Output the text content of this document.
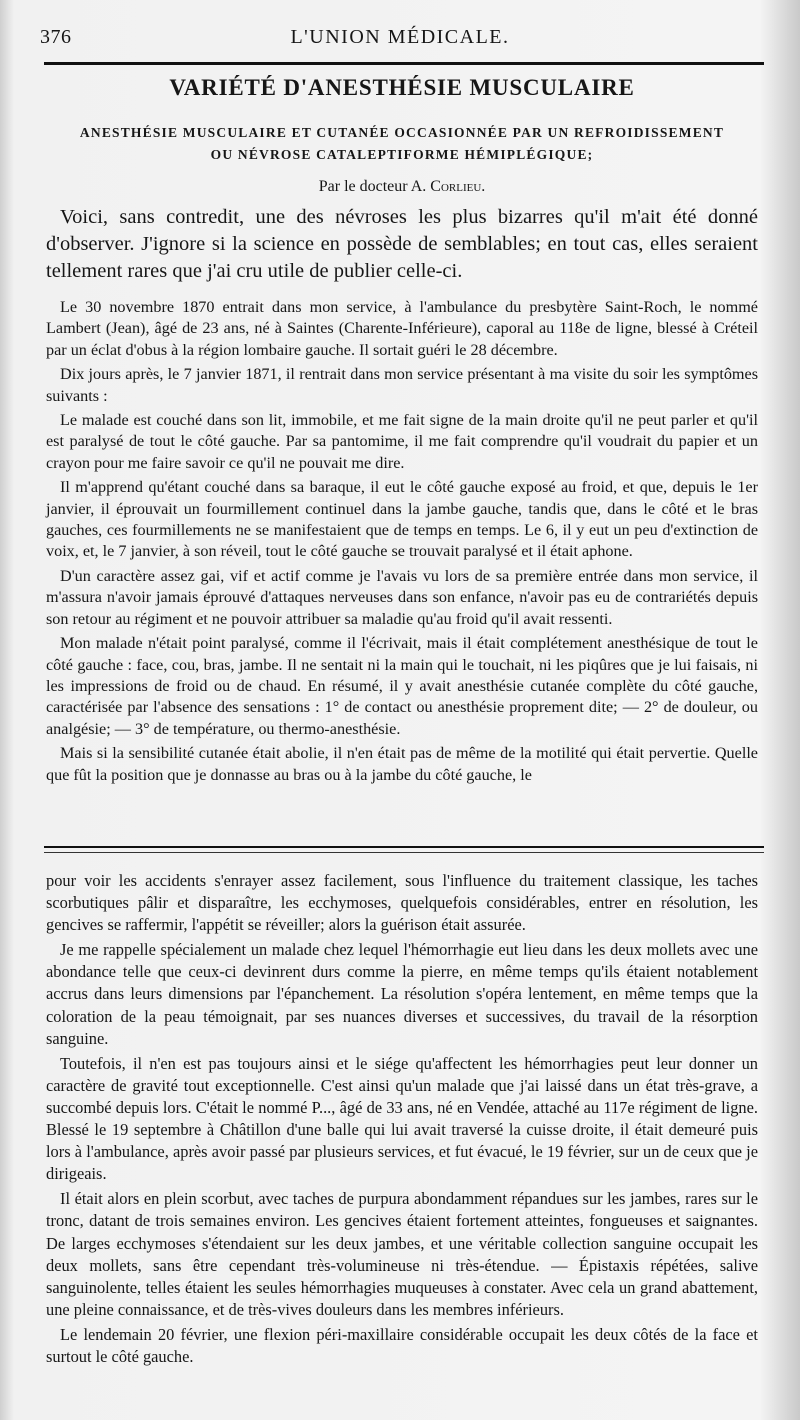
376	L'UNION MÉDICALE.
VARIÉTÉ D'ANESTHÉSIE MUSCULAIRE
ANESTHÉSIE MUSCULAIRE ET CUTANÉE OCCASIONNÉE PAR UN REFROIDISSEMENT
OU NÉVROSE CATALEPTIFORME HÉMIPLÉGIQUE;
Par le docteur A. Corlieu.
Voici, sans contredit, une des névroses les plus bizarres qu'il m'ait été donné d'observer. J'ignore si la science en possède de semblables; en tout cas, elles seraient tellement rares que j'ai cru utile de publier celle-ci.

Le 30 novembre 1870 entrait dans mon service, à l'ambulance du presbytère Saint-Roch, le nommé Lambert (Jean), âgé de 23 ans, né à Saintes (Charente-Inférieure), caporal au 118e de ligne, blessé à Créteil par un éclat d'obus à la région lombaire gauche. Il sortait guéri le 28 décembre.

Dix jours après, le 7 janvier 1871, il rentrait dans mon service présentant à ma visite du soir les symptômes suivants :

Le malade est couché dans son lit, immobile, et me fait signe de la main droite qu'il ne peut parler et qu'il est paralysé de tout le côté gauche. Par sa pantomime, il me fait comprendre qu'il voudrait du papier et un crayon pour me faire savoir ce qu'il ne pouvait me dire.

Il m'apprend qu'étant couché dans sa baraque, il eut le côté gauche exposé au froid, et que, depuis le 1er janvier, il éprouvait un fourmillement continuel dans la jambe gauche, tandis que, dans le côté et le bras gauches, ces fourmillements ne se manifestaient que de temps en temps. Le 6, il y eut un peu d'extinction de voix, et, le 7 janvier, à son réveil, tout le côté gauche se trouvait paralysé et il était aphone.

D'un caractère assez gai, vif et actif comme je l'avais vu lors de sa première entrée dans mon service, il m'assura n'avoir jamais éprouvé d'attaques nerveuses dans son enfance, n'avoir pas eu de contrariétés depuis son retour au régiment et ne pouvoir attribuer sa maladie qu'au froid qu'il avait ressenti.

Mon malade n'était point paralysé, comme il l'écrivait, mais il était complétement anesthésique de tout le côté gauche : face, cou, bras, jambe. Il ne sentait ni la main qui le touchait, ni les piqûres que je lui faisais, ni les impressions de froid ou de chaud. En résumé, il y avait anesthésie cutanée complète du côté gauche, caractérisée par l'absence des sensations : 1° de contact ou anesthésie proprement dite; — 2° de douleur, ou analgésie; — 3° de température, ou thermo-anesthésie.

Mais si la sensibilité cutanée était abolie, il n'en était pas de même de la motilité qui était pervertie. Quelle que fût la position que je donnasse au bras ou à la jambe du côté gauche, le

pour voir les accidents s'enrayer assez facilement, sous l'influence du traitement classique, les taches scorbutiques pâlir et disparaître, les ecchymoses, quelquefois considérables, entrer en résolution, les gencives se raffermir, l'appétit se réveiller; alors la guérison était assurée.

Je me rappelle spécialement un malade chez lequel l'hémorrhagie eut lieu dans les deux mollets avec une abondance telle que ceux-ci devinrent durs comme la pierre, en même temps qu'ils étaient notablement accrus dans leurs dimensions par l'épanchement. La résolution s'opéra lentement, en même temps que la coloration de la peau témoignait, par ses nuances diverses et successives, du travail de la résorption sanguine.

Toutefois, il n'en est pas toujours ainsi et le siége qu'affectent les hémorrhagies peut leur donner un caractère de gravité tout exceptionnelle. C'est ainsi qu'un malade que j'ai laissé dans un état très-grave, a succombé depuis lors. C'était le nommé P..., âgé de 33 ans, né en Vendée, attaché au 117e régiment de ligne. Blessé le 19 septembre à Châtillon d'une balle qui lui avait traversé la cuisse droite, il était demeuré puis lors à l'ambulance, après avoir passé par plusieurs services, et fut évacué, le 19 février, sur un de ceux que je dirigeais.

Il était alors en plein scorbut, avec taches de purpura abondamment répandues sur les jambes, rares sur le tronc, datant de trois semaines environ. Les gencives étaient fortement atteintes, fongueuses et saignantes. De larges ecchymoses s'étendaient sur les deux jambes, et une véritable collection sanguine occupait les deux mollets, sans être cependant très-volumineuse ni très-étendue. — Épistaxis répétées, salive sanguinolente, telles étaient les seules hémorrhagies muqueuses à constater. Avec cela un grand abattement, une pleine connaissance, et de très-vives douleurs dans les membres inférieurs.

Le lendemain 20 février, une flexion péri-maxillaire considérable occupait les deux côtés de la face et surtout le côté gauche.
